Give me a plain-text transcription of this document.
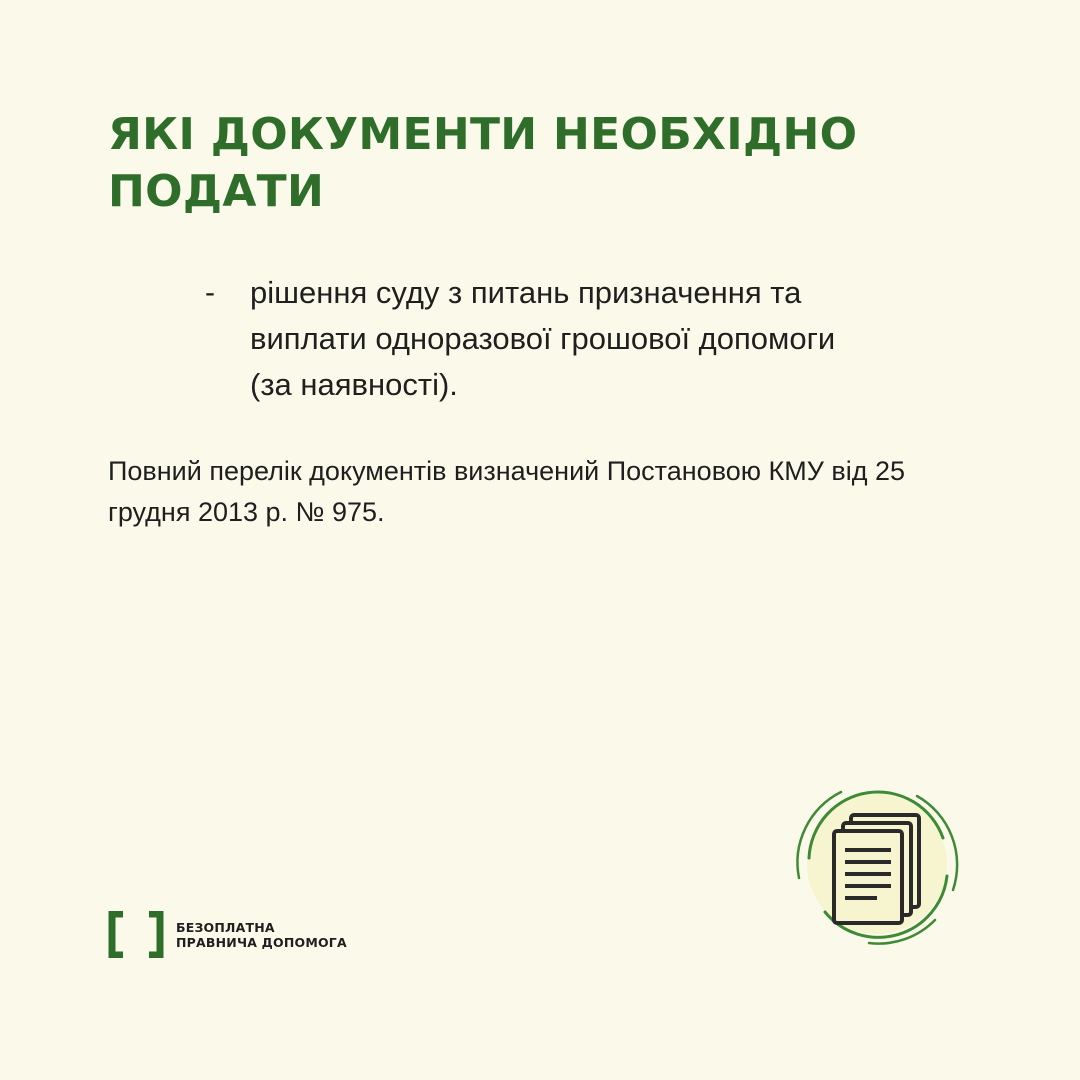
ЯКІ ДОКУМЕНТИ НЕОБХІДНО ПОДАТИ
-	рішення суду з питань призначення та виплати одноразової грошової допомоги (за наявності).

Повний перелік документів визначений Постановою КМУ від 25 грудня 2013 р. № 975.

БЕЗОПЛАТНА
ПРАВНИЧА ДОПОМОГА
